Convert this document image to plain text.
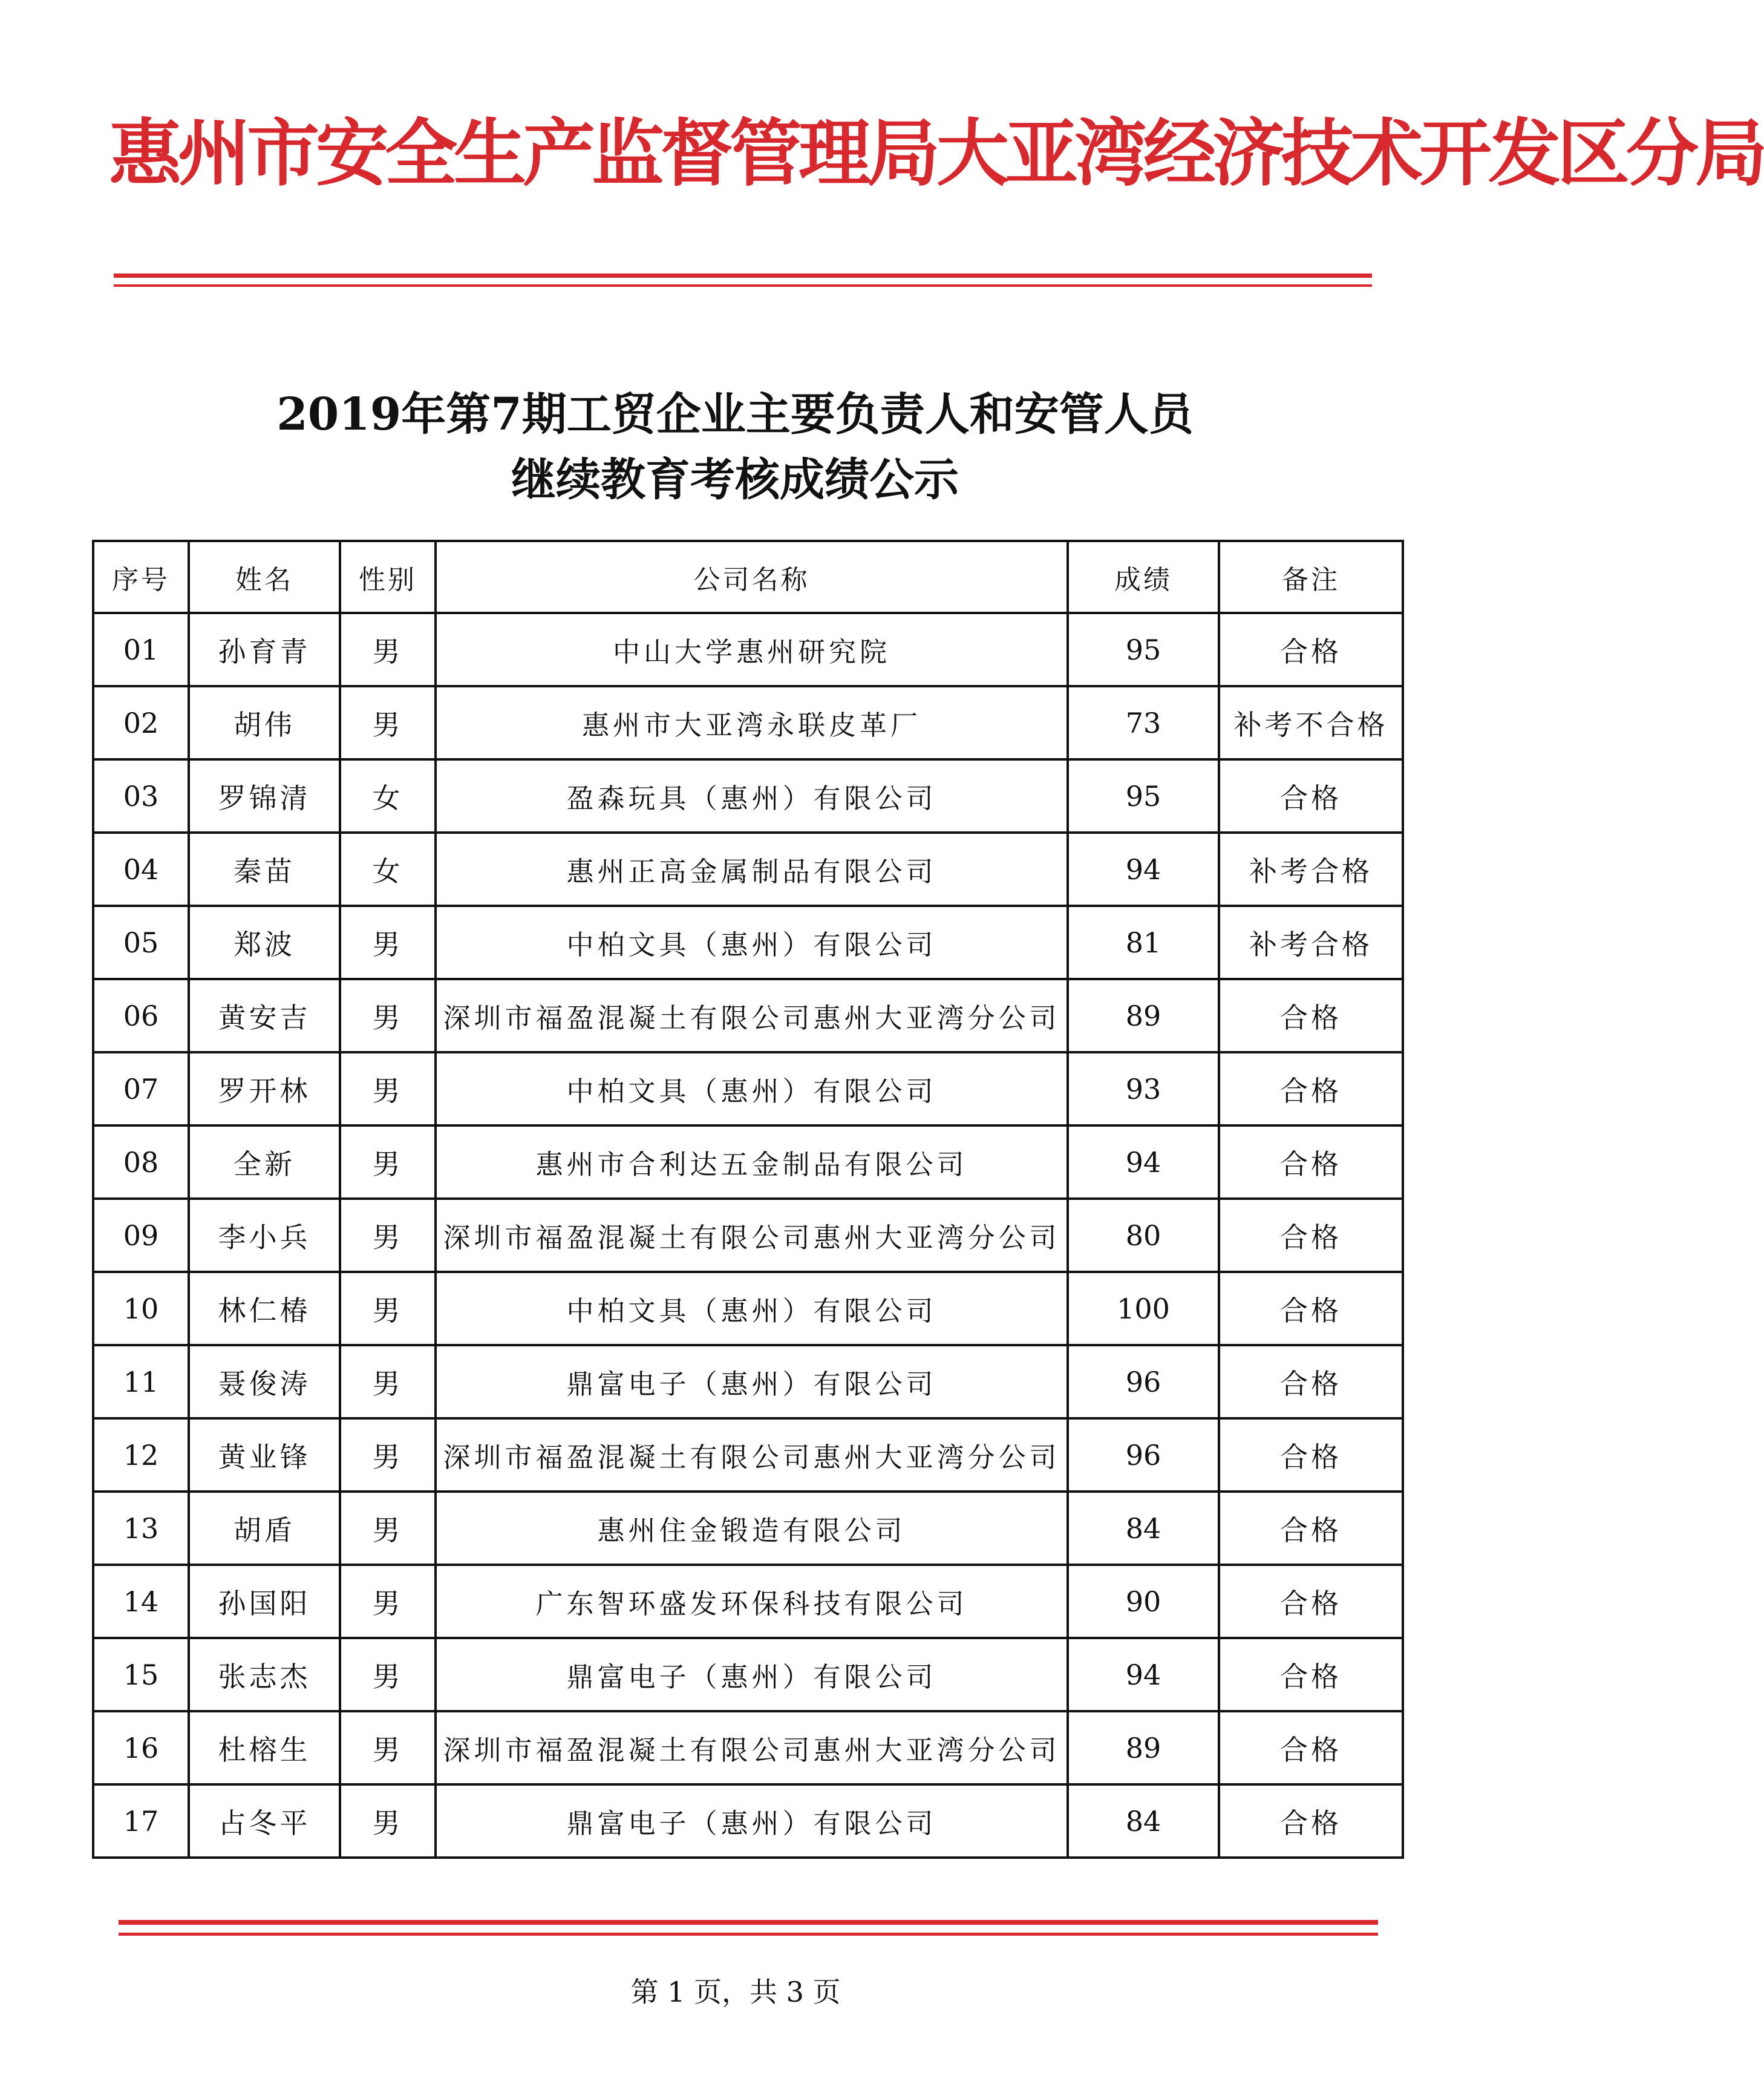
惠州市安全生产监督管理局大亚湾经济技术开发区分局
2019年第7期工贸企业主要负责人和安管人员
继续教育考核成绩公示
序号	姓名	性别	公司名称	成绩	备注
01	孙育青	男	中山大学惠州研究院	95	合格
02	胡伟	男	惠州市大亚湾永联皮革厂	73	补考不合格
03	罗锦清	女	盈森玩具（惠州）有限公司	95	合格
04	秦苗	女	惠州正高金属制品有限公司	94	补考合格
05	郑波	男	中柏文具（惠州）有限公司	81	补考合格
06	黄安吉	男	深圳市福盈混凝土有限公司惠州大亚湾分公司	89	合格
07	罗开林	男	中柏文具（惠州）有限公司	93	合格
08	全新	男	惠州市合利达五金制品有限公司	94	合格
09	李小兵	男	深圳市福盈混凝土有限公司惠州大亚湾分公司	80	合格
10	林仁椿	男	中柏文具（惠州）有限公司	100	合格
11	聂俊涛	男	鼎富电子（惠州）有限公司	96	合格
12	黄业锋	男	深圳市福盈混凝土有限公司惠州大亚湾分公司	96	合格
13	胡盾	男	惠州住金锻造有限公司	84	合格
14	孙国阳	男	广东智环盛发环保科技有限公司	90	合格
15	张志杰	男	鼎富电子（惠州）有限公司	94	合格
16	杜榕生	男	深圳市福盈混凝土有限公司惠州大亚湾分公司	89	合格
17	占冬平	男	鼎富电子（惠州）有限公司	84	合格
第 1 页，共 3 页
